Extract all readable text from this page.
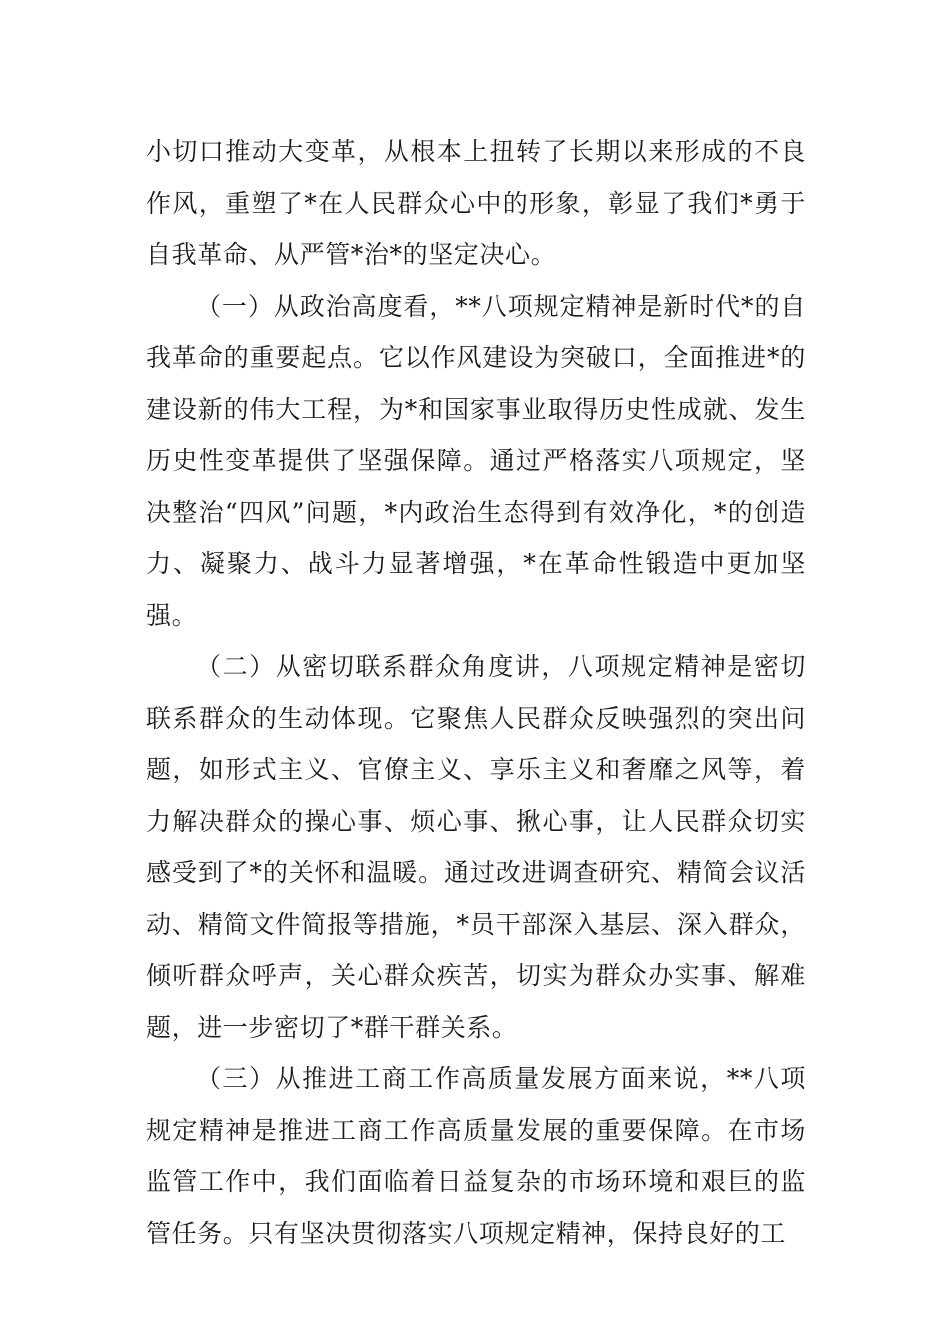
小切口推动大变革，从根本上扭转了长期以来形成的不良作风，重塑了*在人民群众心中的形象，彰显了我们*勇于自我革命、从严管*治*的坚定决心。

（一）从政治高度看，**八项规定精神是新时代*的自我革命的重要起点。它以作风建设为突破口，全面推进*的建设新的伟大工程，为*和国家事业取得历史性成就、发生历史性变革提供了坚强保障。通过严格落实八项规定，坚决整治“四风”问题，*内政治生态得到有效净化，*的创造力、凝聚力、战斗力显著增强，*在革命性锻造中更加坚强。

（二）从密切联系群众角度讲，八项规定精神是密切联系群众的生动体现。它聚焦人民群众反映强烈的突出问题，如形式主义、官僚主义、享乐主义和奢靡之风等，着力解决群众的操心事、烦心事、揪心事，让人民群众切实感受到了*的关怀和温暖。通过改进调查研究、精简会议活动、精简文件简报等措施，*员干部深入基层、深入群众，倾听群众呼声，关心群众疾苦，切实为群众办实事、解难题，进一步密切了*群干群关系。

（三）从推进工商工作高质量发展方面来说，**八项规定精神是推进工商工作高质量发展的重要保障。在市场监管工作中，我们面临着日益复杂的市场环境和艰巨的监管任务。只有坚决贯彻落实八项规定精神，保持良好的工
